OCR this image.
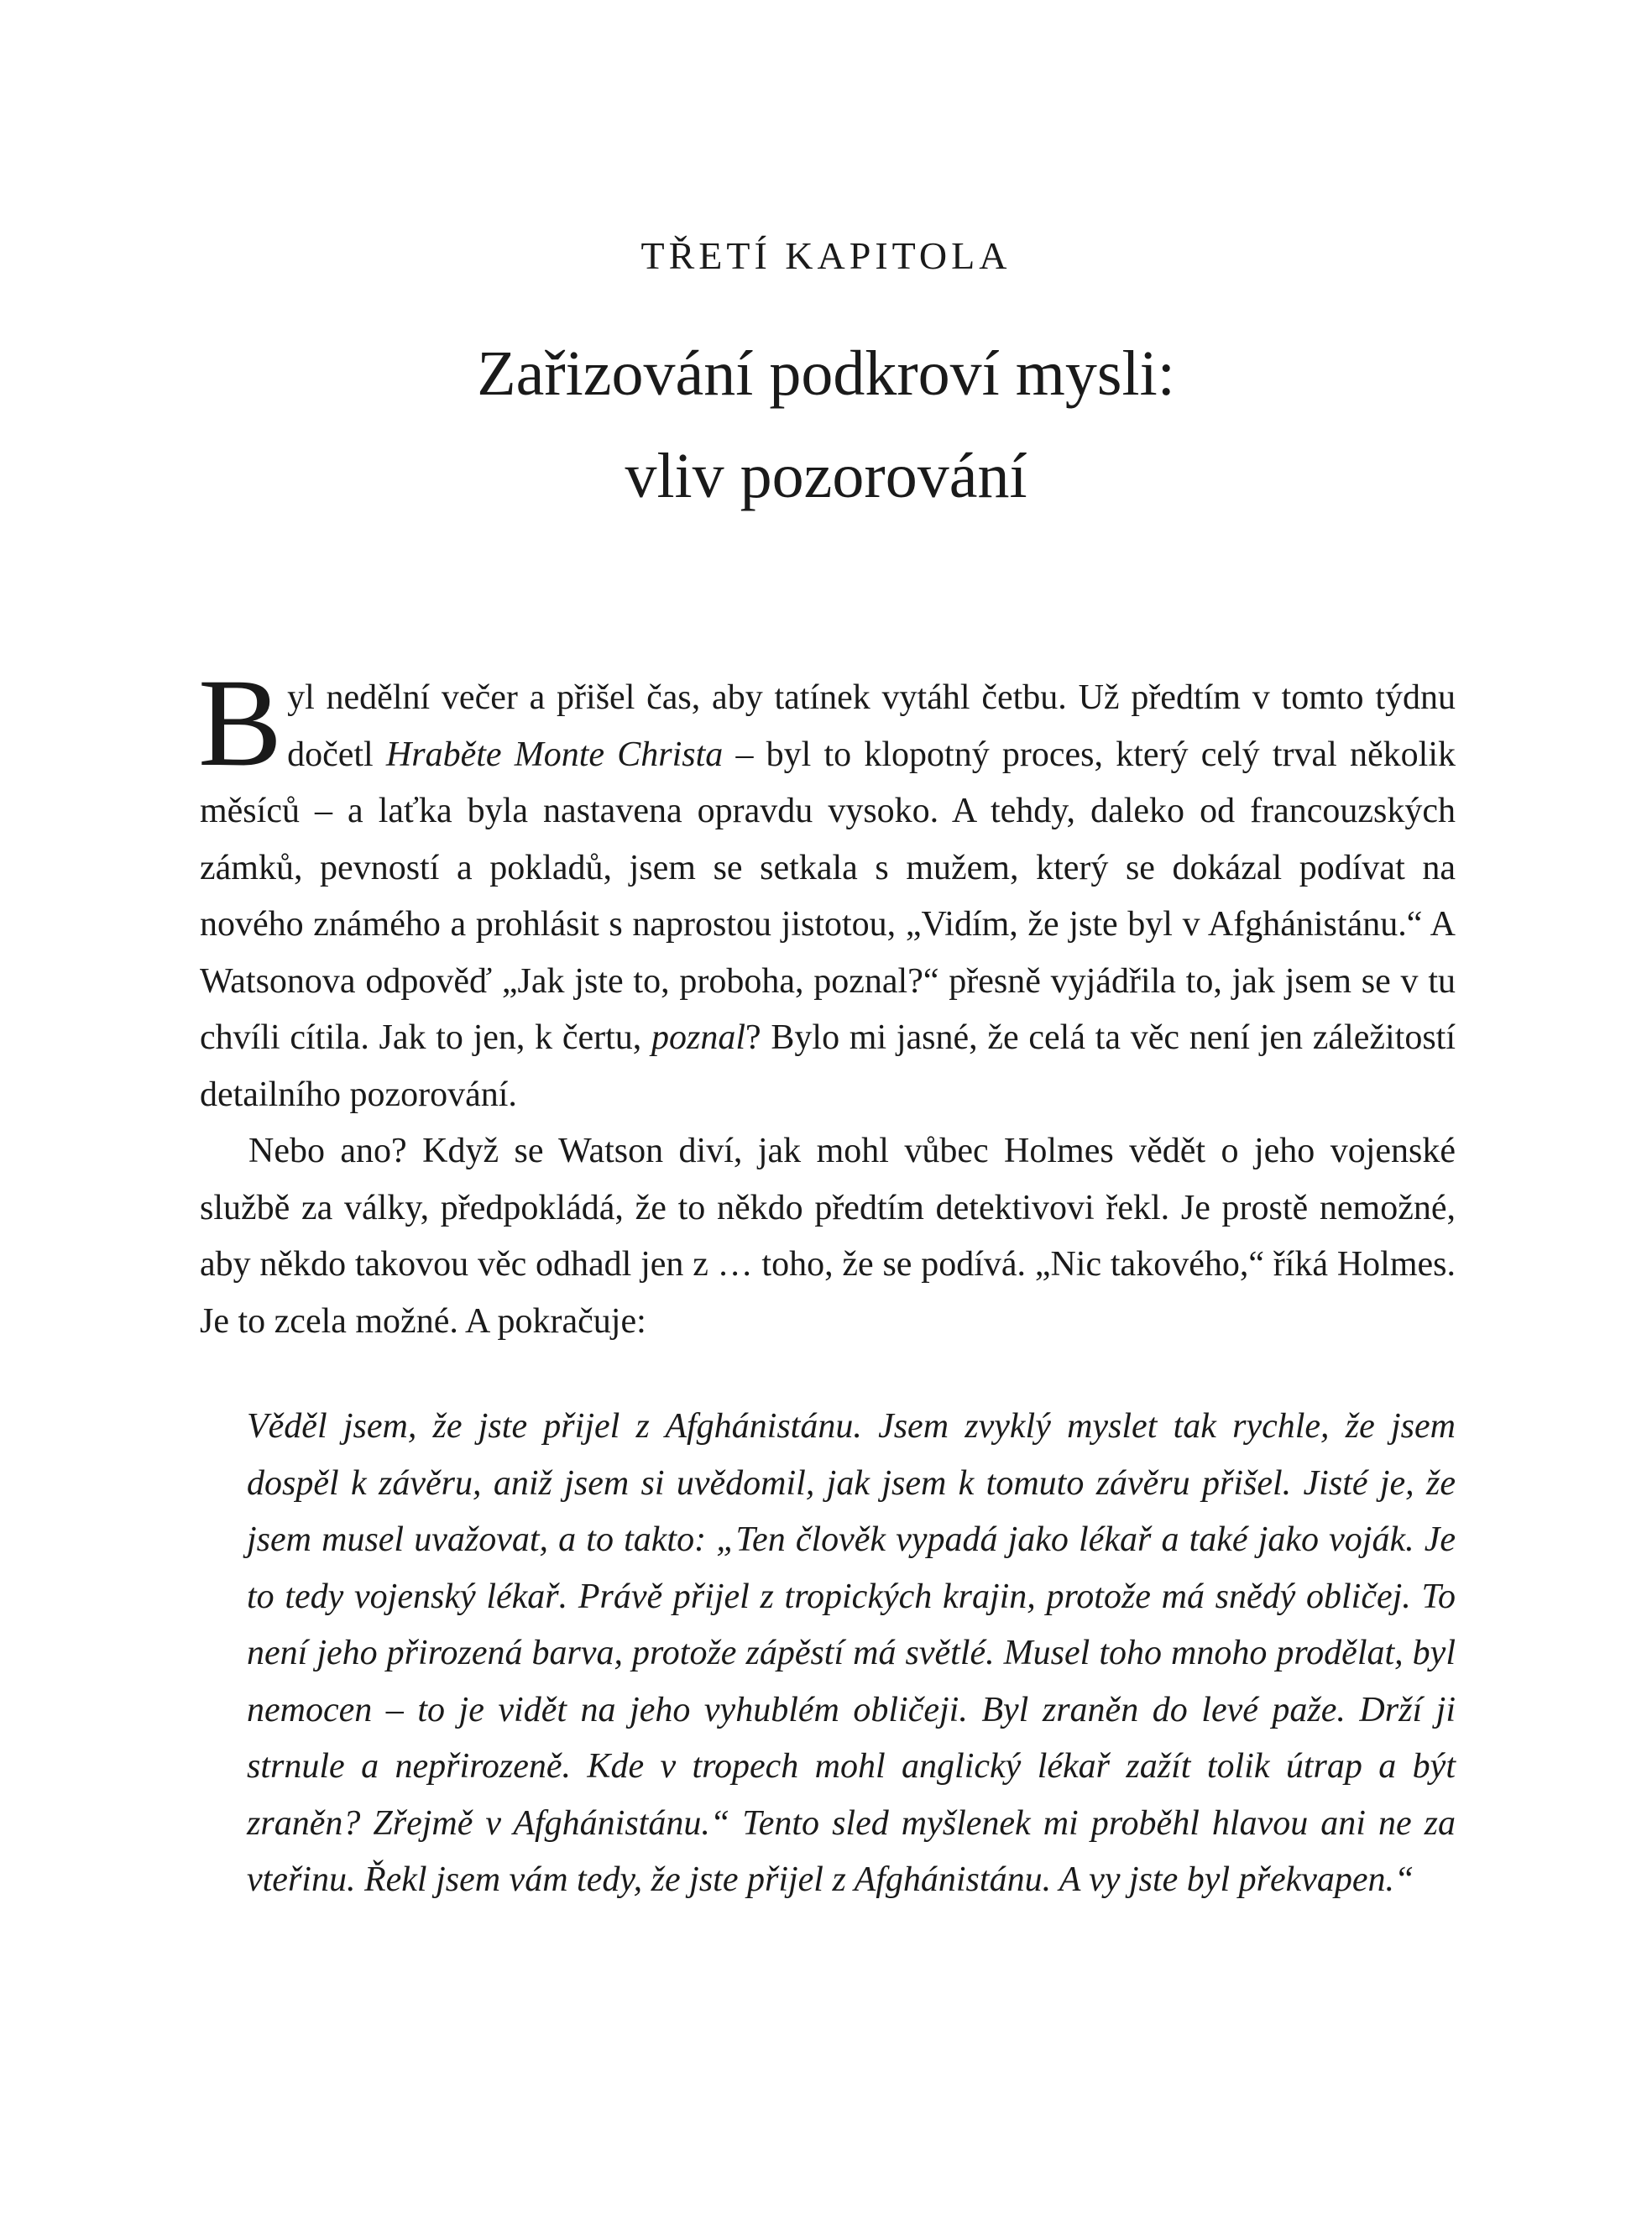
TŘETÍ KAPITOLA
Zařizování podkroví mysli:
vliv pozorování

Byl nedělní večer a přišel čas, aby tatínek vytáhl četbu. Už předtím v tomto týdnu dočetl Hraběte Monte Christa – byl to klopotný proces, který celý trval několik měsíců – a laťka byla nastavena opravdu vysoko. A tehdy, daleko od francouzských zámků, pevností a pokladů, jsem se setkala s mužem, který se dokázal podívat na nového známého a prohlásit s naprostou jistotou, „Vidím, že jste byl v Afghánistánu.“ A Watsonova odpověď „Jak jste to, proboha, poznal?“ přesně vyjádřila to, jak jsem se v tu chvíli cítila. Jak to jen, k čertu, poznal? Bylo mi jasné, že celá ta věc není jen záležitostí detailního pozorování.

Nebo ano? Když se Watson diví, jak mohl vůbec Holmes vědět o jeho vojenské službě za války, předpokládá, že to někdo předtím detektivovi řekl. Je prostě nemožné, aby někdo takovou věc odhadl jen z … toho, že se podívá. „Nic takového,“ říká Holmes. Je to zcela možné. A pokračuje:

Věděl jsem, že jste přijel z Afghánistánu. Jsem zvyklý myslet tak rychle, že jsem dospěl k závěru, aniž jsem si uvědomil, jak jsem k tomuto závěru přišel. Jisté je, že jsem musel uvažovat, a to takto: „Ten člověk vypadá jako lékař a také jako voják. Je to tedy vojenský lékař. Právě přijel z tropických krajin, protože má snědý obličej. To není jeho přirozená barva, protože zápěstí má světlé. Musel toho mnoho prodělat, byl nemocen – to je vidět na jeho vyhublém obličeji. Byl zraněn do levé paže. Drží ji strnule a nepřirozeně. Kde v tropech mohl anglický lékař zažít tolik útrap a být zraněn? Zřejmě v Afghánistánu.“ Tento sled myšlenek mi proběhl hlavou ani ne za vteřinu. Řekl jsem vám tedy, že jste přijel z Afghánistánu. A vy jste byl překvapen.“
